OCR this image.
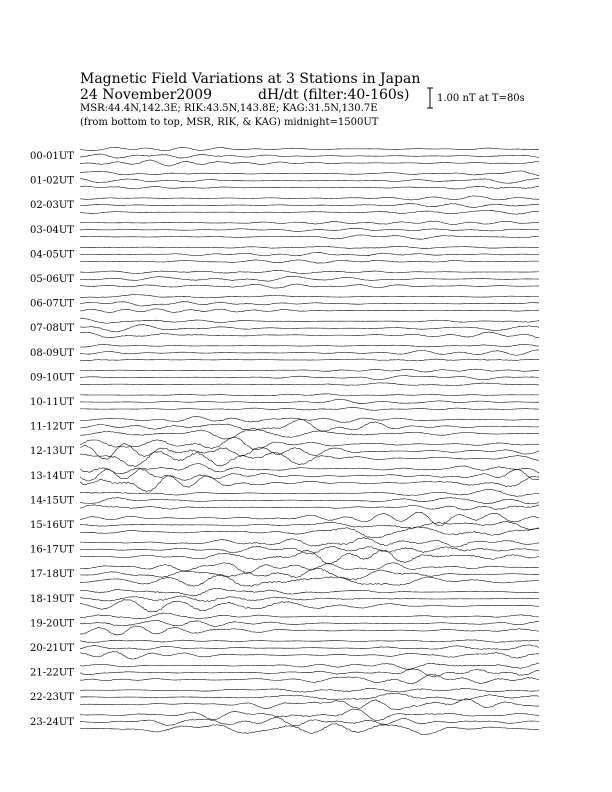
Magnetic Field Variations at 3 Stations in Japan
24 November2009	dH/dt (filter:40-160s)
MSR:44.4N,142.3E; RIK:43.5N,143.8E; KAG:31.5N,130.7E
(from bottom to top, MSR, RIK, & KAG) midnight=1500UT
1.00 nT at T=80s
00-01UT
01-02UT
02-03UT
03-04UT
04-05UT
05-06UT
06-07UT
07-08UT
08-09UT
09-10UT
10-11UT
11-12UT
12-13UT
13-14UT
14-15UT
15-16UT
16-17UT
17-18UT
18-19UT
19-20UT
20-21UT
21-22UT
22-23UT
23-24UT
